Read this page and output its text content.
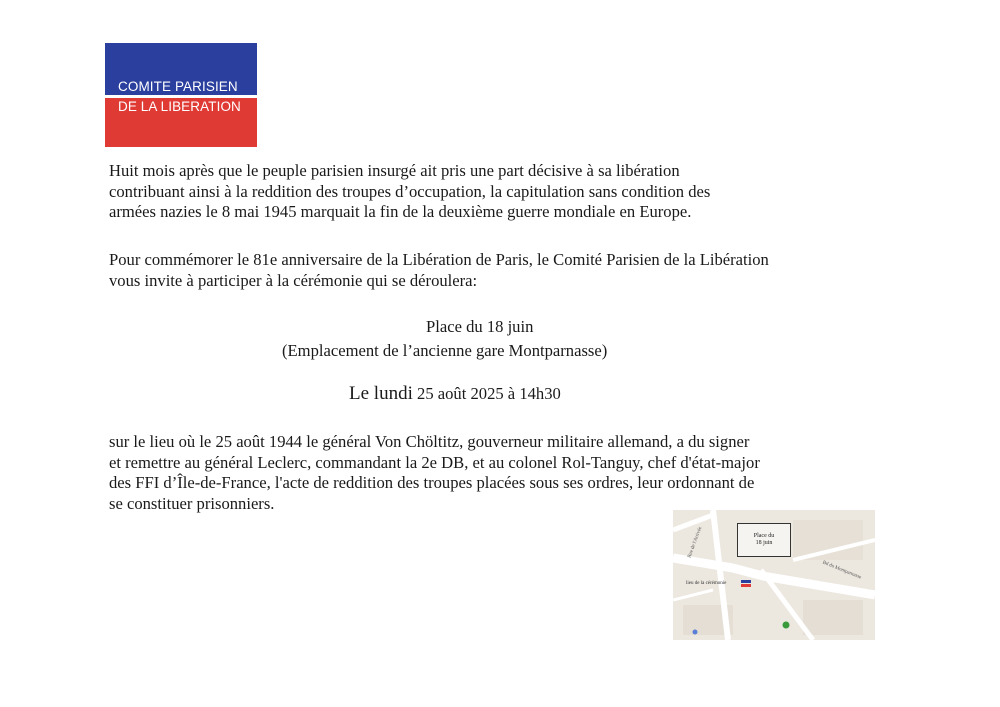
COMITE PARISIEN
DE LA LIBERATION

Huit mois après que le peuple parisien insurgé ait pris une part décisive à sa libération
contribuant ainsi à la reddition des troupes d’occupation, la capitulation sans condition des
armées nazies le 8 mai 1945 marquait la fin de la deuxième guerre mondiale en Europe.

Pour commémorer le 81e anniversaire de la Libération de Paris, le Comité Parisien de la Libération
vous invite à participer à la cérémonie qui se déroulera:

Place du 18 juin
(Emplacement de l’ancienne gare Montparnasse)
Le lundi 25 août 2025 à 14h30

sur le lieu où le 25 août 1944 le général Von Chöltitz, gouverneur militaire allemand, a du signer
et remettre au général Leclerc, commandant la 2e DB, et au colonel Rol-Tanguy, chef d'état-major
des FFI d’Île-de-France, l'acte de reddition des troupes placées sous ses ordres, leur ordonnant de
se constituer prisonniers.

Place du
18 juin
lieu de la cérémonie
Bd du Montparnasse
Rue de l'Arrivée
